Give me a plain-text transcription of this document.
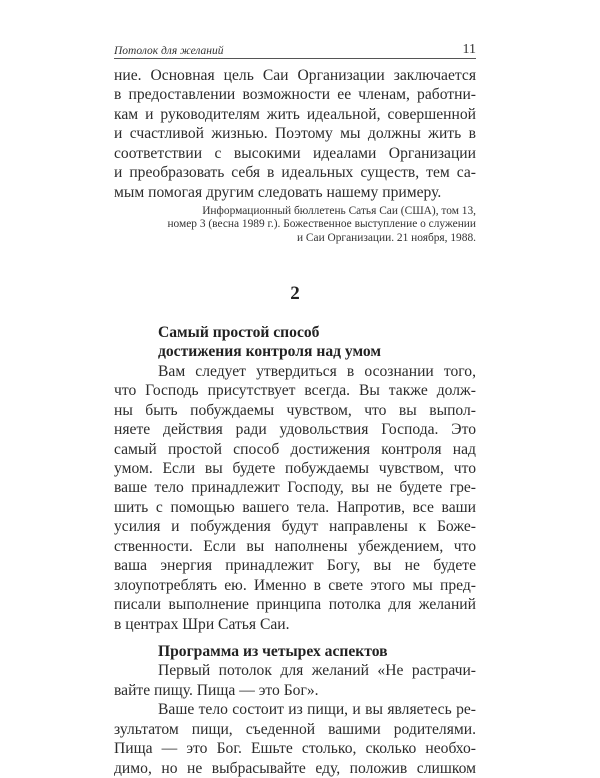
Потолок для желаний	11
ние. Основная цель Саи Организации заключается
в предоставлении возможности ее членам, работни-
кам и руководителям жить идеальной, совершенной
и счастливой жизнью. Поэтому мы должны жить в
соответствии с высокими идеалами Организации
и преобразовать себя в идеальных существ, тем са-
мым помогая другим следовать нашему примеру.
Информационный бюллетень Сатья Саи (США), том 13,
номер 3 (весна 1989 г.). Божественное выступление о служении
и Саи Организации. 21 ноября, 1988.
2
Самый простой способ
достижения контроля над умом
Вам следует утвердиться в осознании того,
что Господь присутствует всегда. Вы также долж-
ны быть побуждаемы чувством, что вы выпол-
няете действия ради удовольствия Господа. Это
самый простой способ достижения контроля над
умом. Если вы будете побуждаемы чувством, что
ваше тело принадлежит Господу, вы не будете гре-
шить с помощью вашего тела. Напротив, все ваши
усилия и побуждения будут направлены к Боже-
ственности. Если вы наполнены убеждением, что
ваша энергия принадлежит Богу, вы не будете
злоупотреблять ею. Именно в свете этого мы пред-
писали выполнение принципа потолка для желаний
в центрах Шри Сатья Саи.
Программа из четырех аспектов
Первый потолок для желаний «Не растрачи-
вайте пищу. Пища — это Бог».
Ваше тело состоит из пищи, и вы являетесь ре-
зультатом пищи, съеденной вашими родителями.
Пища — это Бог. Ешьте столько, сколько необхо-
димо, но не выбрасывайте еду, положив слишком
